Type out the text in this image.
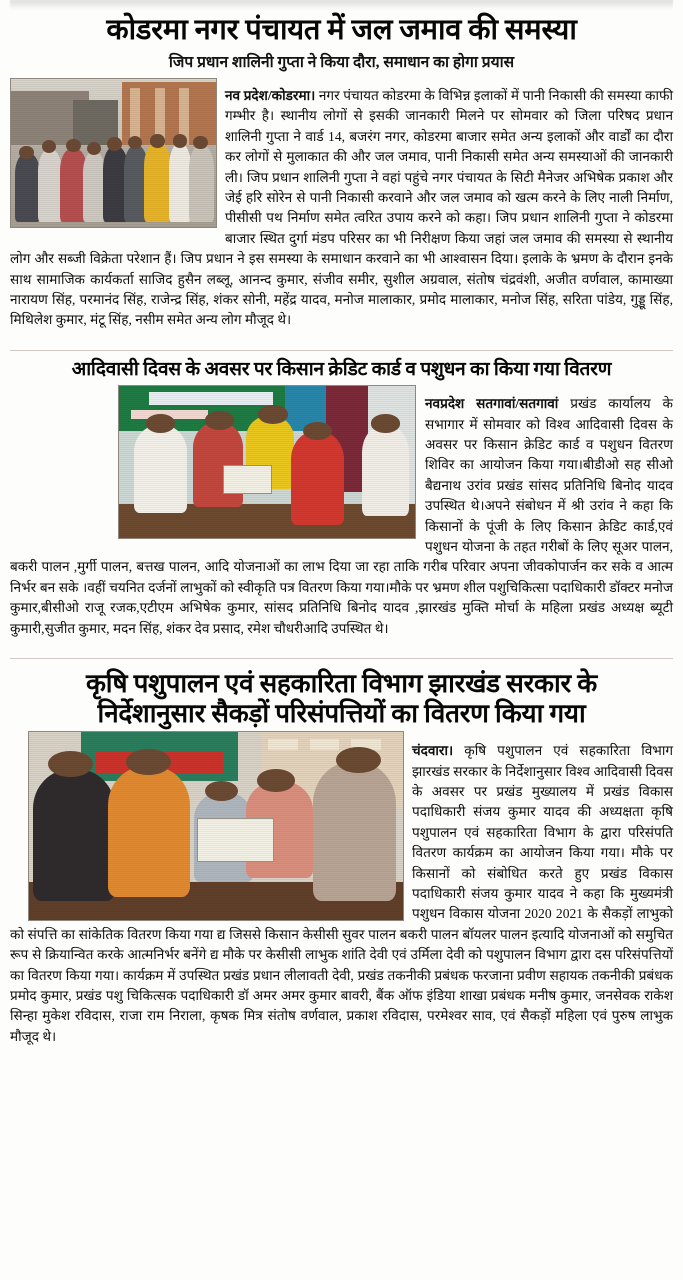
कोडरमा नगर पंचायत में जल जमाव की समस्या
जिप प्रधान शालिनी गुप्ता ने किया दौरा, समाधान का होगा प्रयास

नव प्रदेश/कोडरमा। नगर पंचायत कोडरमा के विभिन्न इलाकों में पानी निकासी की समस्या काफी गम्भीर है। स्थानीय लोगों से इसकी जानकारी मिलने पर सोमवार को जिला परिषद प्रधान शालिनी गुप्ता ने वार्ड 14, बजरंग नगर, कोडरमा बाजार समेत अन्य इलाकों और वार्डों का दौरा कर लोगों से मुलाकात की और जल जमाव, पानी निकासी समेत अन्य समस्याओं की जानकारी ली। जिप प्रधान शालिनी गुप्ता ने वहां पहुंचे नगर पंचायत के सिटी मैनेजर अभिषेक प्रकाश और जेई हरि सोरेन से पानी निकासी करवाने और जल जमाव को खत्म करने के लिए नाली निर्माण, पीसीसी पथ निर्माण समेत त्वरित उपाय करने को कहा। जिप प्रधान शालिनी गुप्ता ने कोडरमा बाजार स्थित दुर्गा मंडप परिसर का भी निरीक्षण किया जहां जल जमाव की समस्या से स्थानीय लोग और सब्जी विक्रेता परेशान हैं। जिप प्रधान ने इस समस्या के समाधान करवाने का भी आश्वासन दिया। इलाके के भ्रमण के दौरान इनके साथ सामाजिक कार्यकर्ता साजिद हुसैन लब्लू, आनन्द कुमार, संजीव समीर, सुशील अग्रवाल, संतोष चंद्रवंशी, अजीत वर्णवाल, कामाख्या नारायण सिंह, परमानंद सिंह, राजेन्द्र सिंह, शंकर सोनी, महेंद्र यादव, मनोज मालाकार, प्रमोद मालाकार, मनोज सिंह, सरिता पांडेय, गुड्डू सिंह, मिथिलेश कुमार, मंटू सिंह, नसीम समेत अन्य लोग मौजूद थे।

आदिवासी दिवस के अवसर पर किसान क्रेडिट कार्ड व पशुधन का किया गया वितरण

नवप्रदेश सतगावां/सतगावां प्रखंड कार्यालय के सभागार में सोमवार को विश्व आदिवासी दिवस के अवसर पर किसान क्रेडिट कार्ड व पशुधन वितरण शिविर का आयोजन किया गया।बीडीओ सह सीओ बैद्यनाथ उरांव प्रखंड सांसद प्रतिनिधि बिनोद यादव उपस्थित थे।अपने संबोधन में श्री उरांव ने कहा कि किसानों के पूंजी के लिए किसान क्रेडिट कार्ड,एवं पशुधन योजना के तहत गरीबों के लिए सूअर पालन, बकरी पालन ,मुर्गी पालन, बत्तख पालन, आदि योजनाओं का लाभ दिया जा रहा ताकि गरीब परिवार अपना जीवकोपार्जन कर सके व आत्म निर्भर बन सके ।वहीं चयनित दर्जनों लाभुकों को स्वीकृति पत्र वितरण किया गया।मौके पर भ्रमण शील पशुचिकित्सा पदाधिकारी डॉक्टर मनोज कुमार,बीसीओ राजू रजक,एटीएम अभिषेक कुमार, सांसद प्रतिनिधि बिनोद यादव ,झारखंड मुक्ति मोर्चा के महिला प्रखंड अध्यक्ष ब्यूटी कुमारी,सुजीत कुमार, मदन सिंह, शंकर देव प्रसाद, रमेश चौधरीआदि उपस्थित थे।

कृषि पशुपालन एवं सहकारिता विभाग झारखंड सरकार के
निर्देशानुसार सैकड़ों परिसंपत्तियों का वितरण किया गया

चंदवारा। कृषि पशुपालन एवं सहकारिता विभाग झारखंड सरकार के निर्देशानुसार विश्व आदिवासी दिवस के अवसर पर प्रखंड मुख्यालय में प्रखंड विकास पदाधिकारी संजय कुमार यादव की अध्यक्षता कृषि पशुपालन एवं सहकारिता विभाग के द्वारा परिसंपति वितरण कार्यक्रम का आयोजन किया गया। मौके पर किसानों को संबोधित करते हुए प्रखंड विकास पदाधिकारी संजय कुमार यादव ने कहा कि मुख्यमंत्री पशुधन विकास योजना 2020 2021 के सैकड़ों लाभुको को संपत्ति का सांकेतिक वितरण किया गया द्य जिससे किसान केसीसी सुवर पालन बकरी पालन बॉयलर पालन इत्यादि योजनाओं को समुचित रूप से क्रियान्वित करके आत्मनिर्भर बनेंगे द्य मौके पर केसीसी लाभुक शांति देवी एवं उर्मिला देवी को पशुपालन विभाग द्वारा दस परिसंपत्तियों का वितरण किया गया। कार्यक्रम में उपस्थित प्रखंड प्रधान लीलावती देवी, प्रखंड तकनीकी प्रबंधक फरजाना प्रवीण सहायक तकनीकी प्रबंधक प्रमोद कुमार, प्रखंड पशु चिकित्सक पदाधिकारी डॉ अमर अमर कुमार बावरी, बैंक ऑफ इंडिया शाखा प्रबंधक मनीष कुमार, जनसेवक राकेश सिन्हा मुकेश रविदास, राजा राम निराला, कृषक मित्र संतोष वर्णवाल, प्रकाश रविदास, परमेश्वर साव, एवं सैकड़ों महिला एवं पुरुष लाभुक मौजूद थे।
